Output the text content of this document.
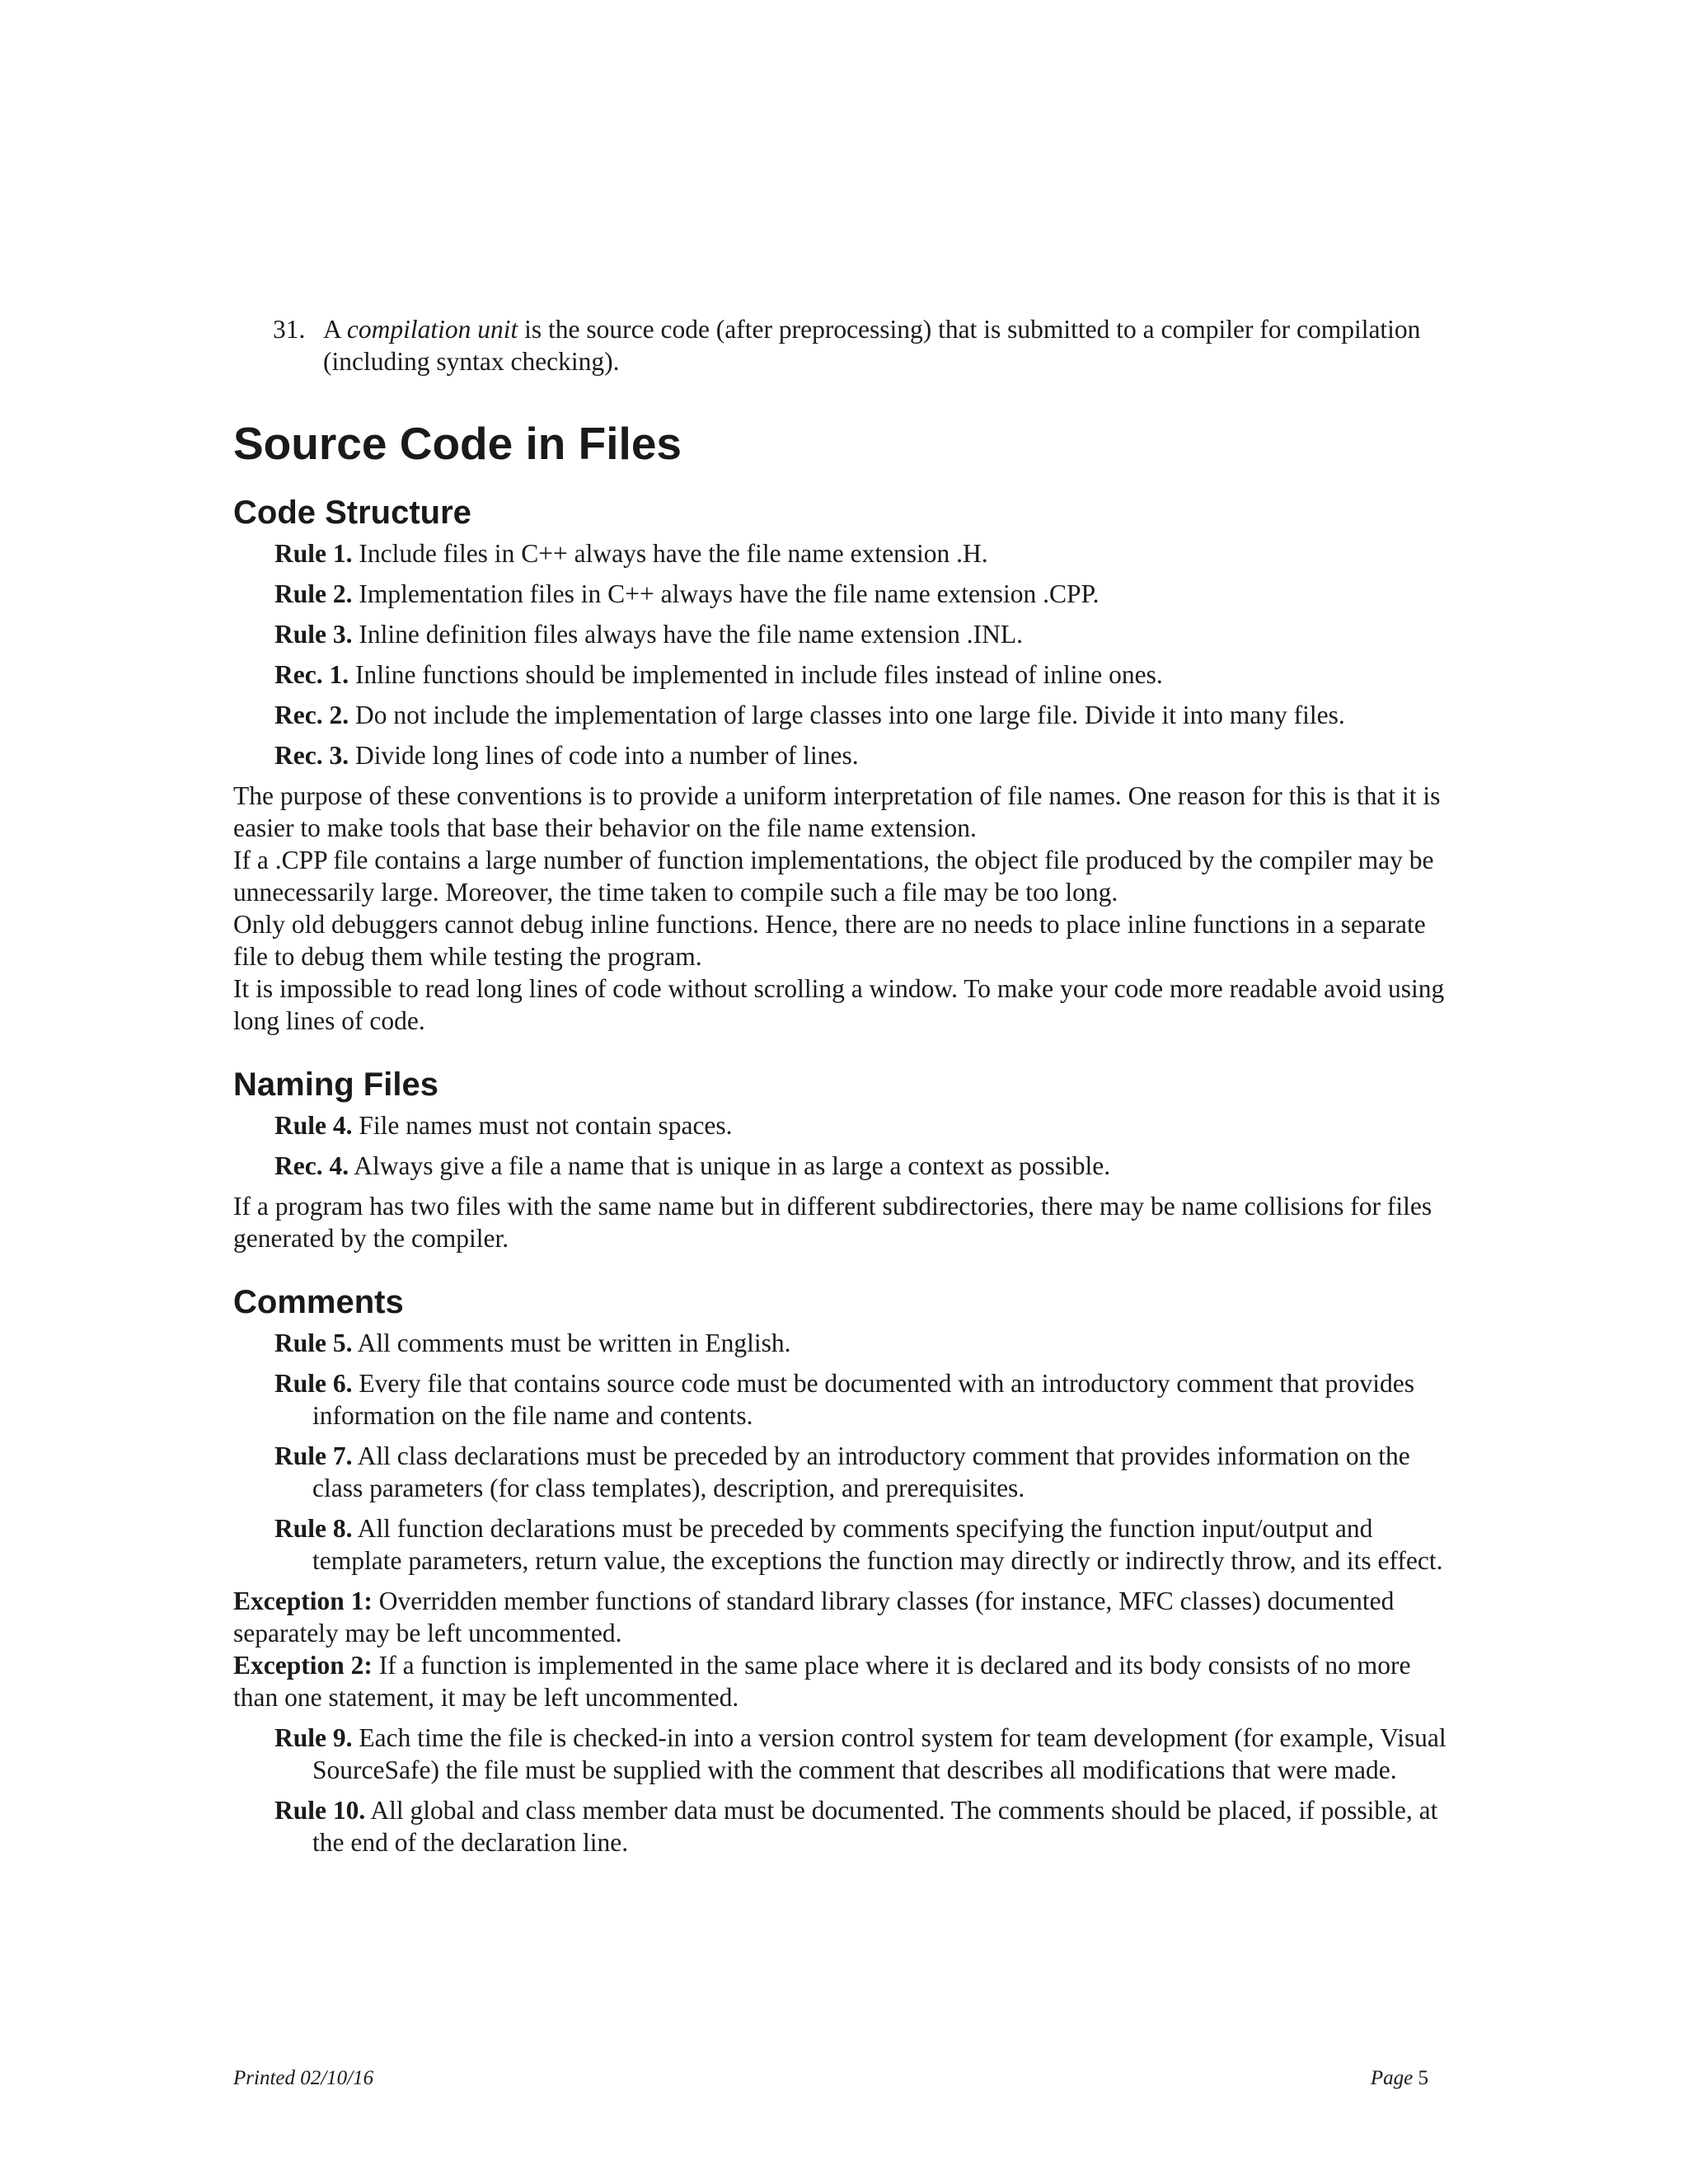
31. A compilation unit is the source code (after preprocessing) that is submitted to a compiler for compilation (including syntax checking).
Source Code in Files
Code Structure

Rule 1. Include files in C++ always have the file name extension .H.

Rule 2. Implementation files in C++ always have the file name extension .CPP.

Rule 3. Inline definition files always have the file name extension .INL.

Rec. 1. Inline functions should be implemented in include files instead of inline ones.

Rec. 2. Do not include the implementation of large classes into one large file. Divide it into many files.

Rec. 3. Divide long lines of code into a number of lines.

The purpose of these conventions is to provide a uniform interpretation of file names. One reason for this is that it is easier to make tools that base their behavior on the file name extension.

If a .CPP file contains a large number of function implementations, the object file produced by the compiler may be unnecessarily large. Moreover, the time taken to compile such a file may be too long.

Only old debuggers cannot debug inline functions. Hence, there are no needs to place inline functions in a separate file to debug them while testing the program.

It is impossible to read long lines of code without scrolling a window. To make your code more readable avoid using long lines of code.

Naming Files

Rule 4. File names must not contain spaces.

Rec. 4. Always give a file a name that is unique in as large a context as possible.

If a program has two files with the same name but in different subdirectories, there may be name collisions for files generated by the compiler.

Comments

Rule 5. All comments must be written in English.

Rule 6. Every file that contains source code must be documented with an introductory comment that provides information on the file name and contents.

Rule 7. All class declarations must be preceded by an introductory comment that provides information on the class parameters (for class templates), description, and prerequisites.

Rule 8. All function declarations must be preceded by comments specifying the function input/output and template parameters, return value, the exceptions the function may directly or indirectly throw, and its effect.

Exception 1: Overridden member functions of standard library classes (for instance, MFC classes) documented separately may be left uncommented.

Exception 2: If a function is implemented in the same place where it is declared and its body consists of no more than one statement, it may be left uncommented.

Rule 9. Each time the file is checked-in into a version control system for team development (for example, Visual SourceSafe) the file must be supplied with the comment that describes all modifications that were made.

Rule 10. All global and class member data must be documented. The comments should be placed, if possible, at the end of the declaration line.

Printed 02/10/16	Page 5
